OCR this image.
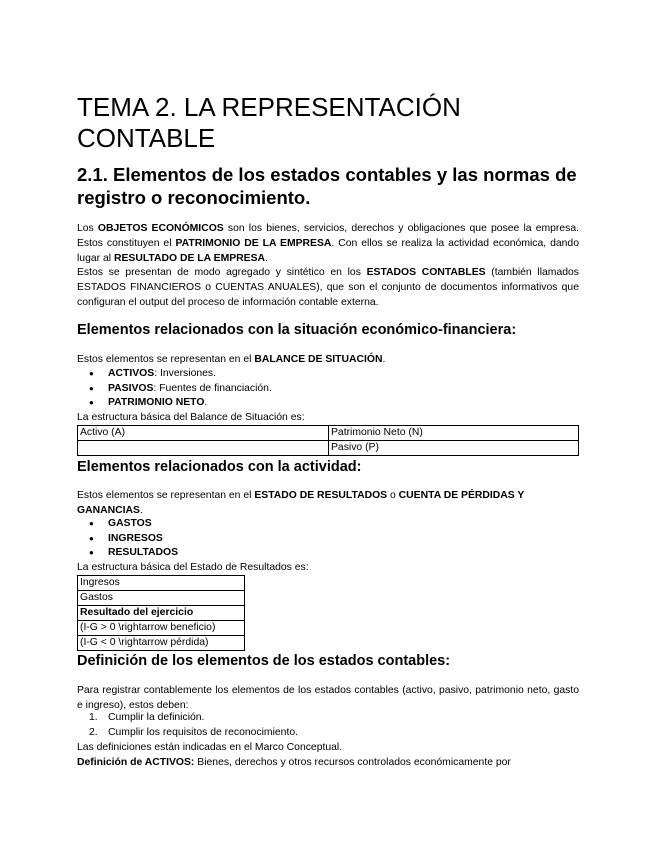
TEMA 2. LA REPRESENTACIÓN CONTABLE
2.1. Elementos de los estados contables y las normas de registro o reconocimiento.
Los OBJETOS ECONÓMICOS son los bienes, servicios, derechos y obligaciones que posee la empresa. Estos constituyen el PATRIMONIO DE LA EMPRESA. Con ellos se realiza la actividad económica, dando lugar al RESULTADO DE LA EMPRESA.
Estos se presentan de modo agregado y sintético en los ESTADOS CONTABLES (también llamados ESTADOS FINANCIEROS o CUENTAS ANUALES), que son el conjunto de documentos informativos que configuran el output del proceso de información contable externa.
Elementos relacionados con la situación económico-financiera:
Estos elementos se representan en el BALANCE DE SITUACIÓN.
● ACTIVOS: Inversiones.
● PASIVOS: Fuentes de financiación.
● PATRIMONIO NETO.
La estructura básica del Balance de Situación es:
Activo (A)	Patrimonio Neto (N)
	Pasivo (P)
Elementos relacionados con la actividad:
Estos elementos se representan en el ESTADO DE RESULTADOS o CUENTA DE PÉRDIDAS Y GANANCIAS.
● GASTOS
● INGRESOS
● RESULTADOS
La estructura básica del Estado de Resultados es:
Ingresos
Gastos
Resultado del ejercicio
(I-G > 0 \rightarrow beneficio)
(I-G < 0 \rightarrow pérdida)
Definición de los elementos de los estados contables:
Para registrar contablemente los elementos de los estados contables (activo, pasivo, patrimonio neto, gasto e ingreso), estos deben:
1. Cumplir la definición.
2. Cumplir los requisitos de reconocimiento.
Las definiciones están indicadas en el Marco Conceptual.
Definición de ACTIVOS: Bienes, derechos y otros recursos controlados económicamente por
